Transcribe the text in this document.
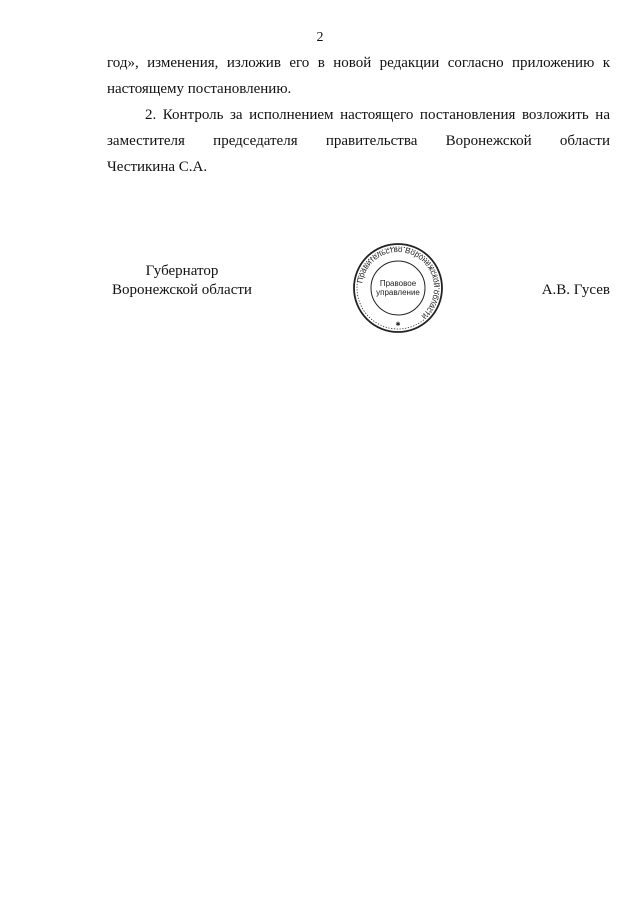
2
год», изменения, изложив его в новой редакции согласно приложению к
настоящему постановлению.
2. Контроль за исполнением настоящего постановления возложить на
заместителя председателя правительства Воронежской области
Честикина С.А.
Губернатор
Воронежской области
Правительство Воронежской области
Правовое
управление
✱
А.В. Гусев
